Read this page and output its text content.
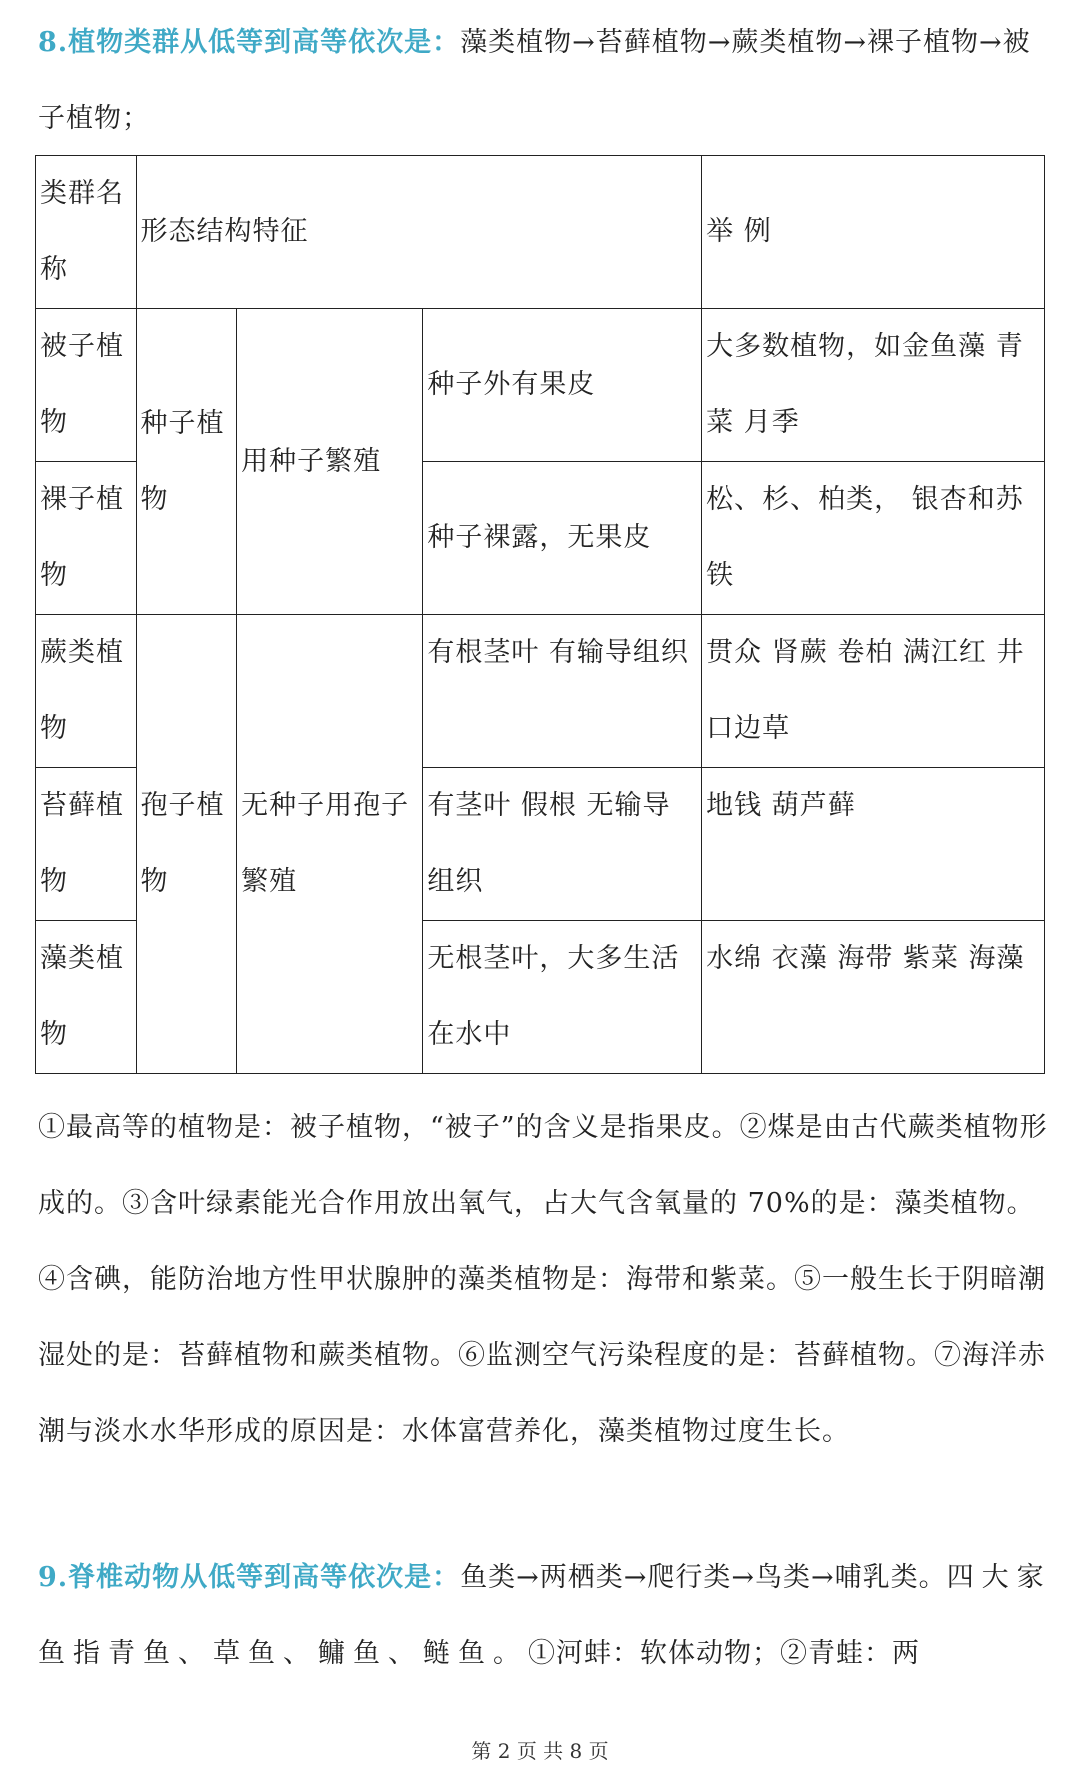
8.植物类群从低等到高等依次是：藻类植物→苔藓植物→蕨类植物→裸子植物→被子植物；

类群名称	形态结构特征			举 例
被子植物	种子植物	用种子繁殖	种子外有果皮	大多数植物，如金鱼藻 青菜 月季
裸子植物			种子裸露，无果皮	松、杉、柏类， 银杏和苏铁
蕨类植物	孢子植物	无种子用孢子繁殖	有根茎叶 有输导组织	贯众 肾蕨 卷柏 满江红 井口边草
苔藓植物			有茎叶 假根 无输导组织	地钱 葫芦藓
藻类植物			无根茎叶，大多生活在水中	水绵 衣藻 海带 紫菜 海藻

①最高等的植物是：被子植物，“被子”的含义是指果皮。②煤是由古代蕨类植物形成的。③含叶绿素能光合作用放出氧气，占大气含氧量的 70%的是：藻类植物。④含碘，能防治地方性甲状腺肿的藻类植物是：海带和紫菜。⑤一般生长于阴暗潮湿处的是：苔藓植物和蕨类植物。⑥监测空气污染程度的是：苔藓植物。⑦海洋赤潮与淡水水华形成的原因是：水体富营养化，藻类植物过度生长。

9.脊椎动物从低等到高等依次是：鱼类→两栖类→爬行类→鸟类→哺乳类。四大家鱼指青鱼、草鱼、鳙鱼、鲢鱼。①河蚌：软体动物；②青蛙：两

第 2 页 共 8 页
